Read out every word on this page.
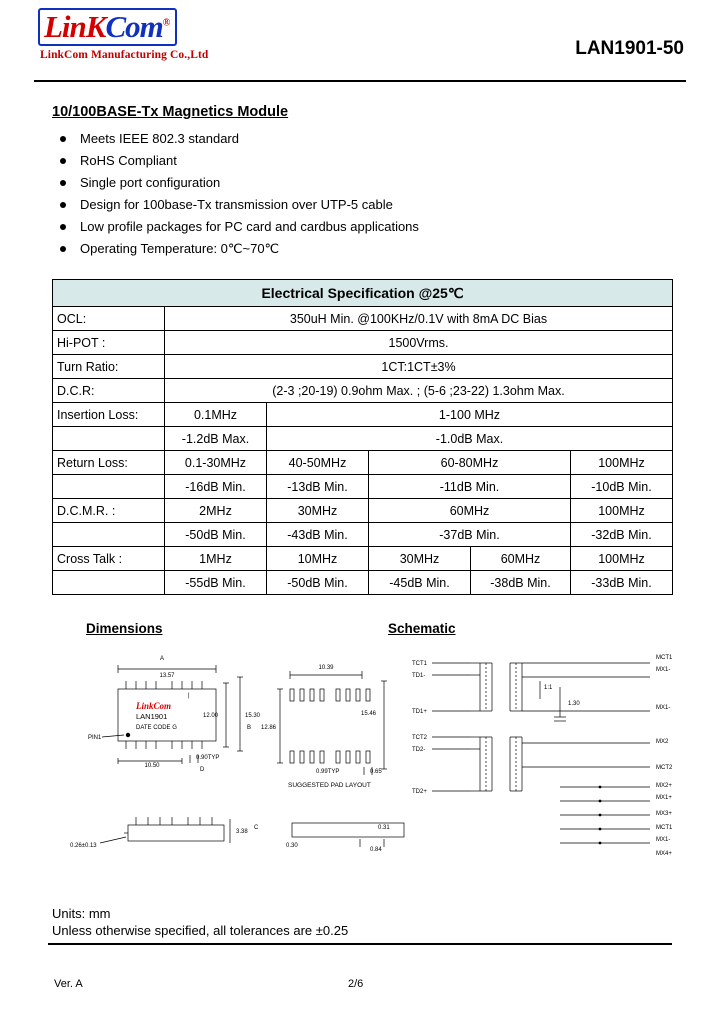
LinKCom®
LinkCom Manufacturing Co.,Ltd	LAN1901-50
10/100BASE-Tx Magnetics Module
Meets IEEE 802.3 standard
RoHS Compliant
Single port configuration
Design for 100base-Tx transmission over UTP-5 cable
Low profile packages for PC card and cardbus applications
Operating Temperature: 0℃~70℃
Electrical Specification @25℃					
OCL:	350uH Min. @100KHz/0.1V with 8mA DC Bias				
Hi-POT :	1500Vrms.				
Turn Ratio:	1CT:1CT±3%				
D.C.R:	(2-3 ;20-19) 0.9ohm Max. ; (5-6 ;23-22) 1.3ohm Max.				
Insertion Loss:	0.1MHz	1-100 MHz			
	-1.2dB Max.	-1.0dB Max.			
Return Loss:	0.1-30MHz	40-50MHz	60-80MHz		100MHz
	-16dB Min.	-13dB Min.	-11dB Min.		-10dB Min.
D.C.M.R. :	2MHz	30MHz	60MHz		100MHz
	-50dB Min.	-43dB Min.	-37dB Min.		-32dB Min.
Cross Talk :	1MHz	10MHz	30MHz	60MHz	100MHz
	-55dB Min.	-50dB Min.	-45dB Min.	-38dB Min.	-33dB Min.
Dimensions	Schematic
A
13.57
LinkCom
LAN1901
DATE CODE G
PIN1
12.00	15.30
B
|
10.50
0.90TYP
D
10.39
12.86
15.46
0.99TYP	0.65
SUGGESTED PAD LAYOUT
0.26±0.13
3.38
C
0.30
0.84
0.31
TCT1
TD1-
TD1+
TCT2
TD2-
TD2+
1:1
MCT1
MX1-
MX1-
MX2
MCT2
MX2+
MX1+
MX3+
MCT1
MX1-
MX4+
1.30
Units: mm
Unless otherwise specified, all tolerances are ±0.25
Ver. A	2/6
